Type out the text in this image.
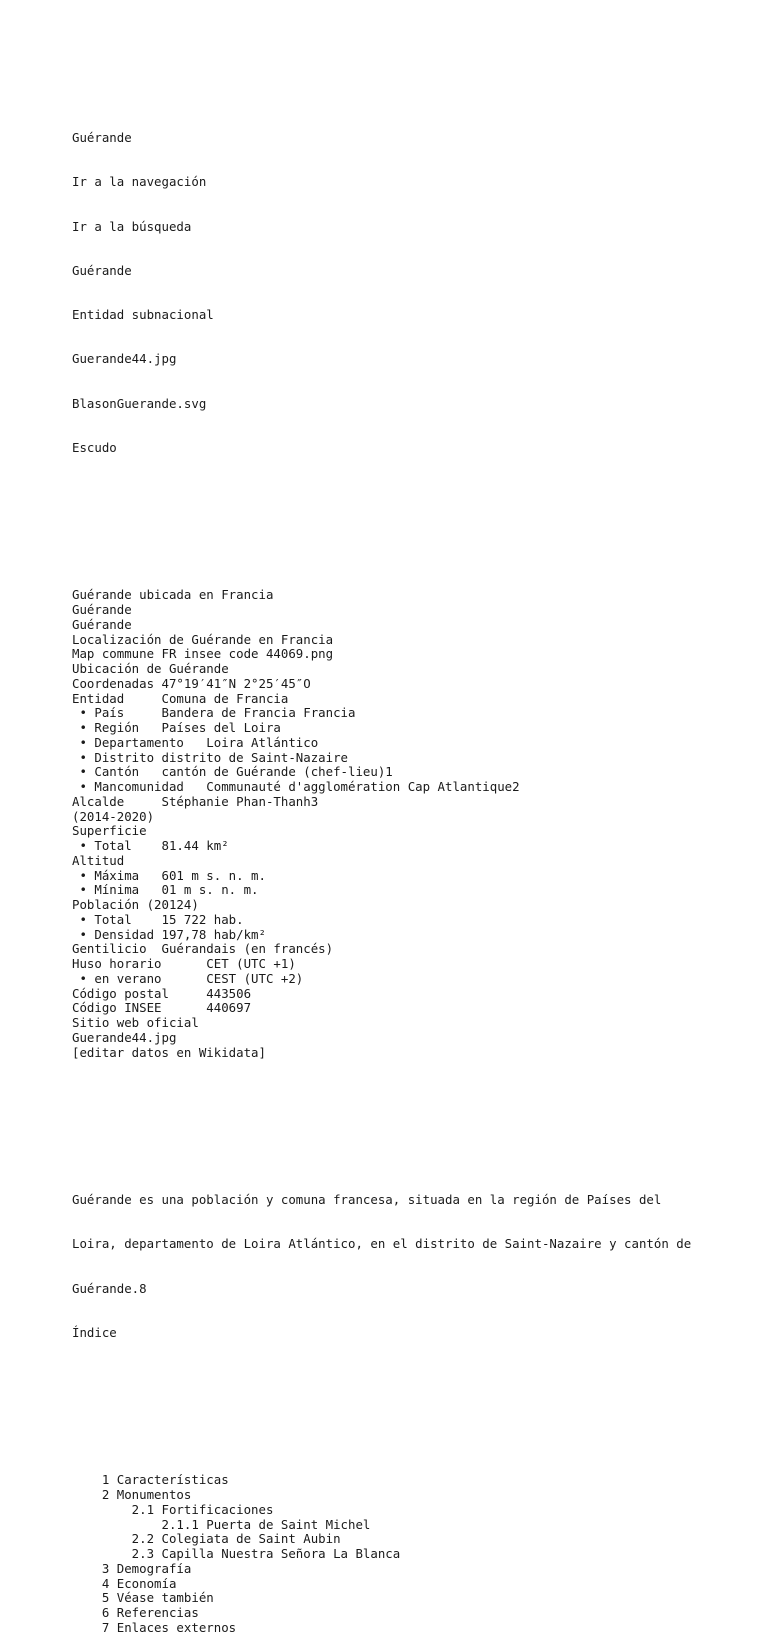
Guérande

Ir a la navegación

Ir a la búsqueda

Guérande

Entidad subnacional

Guerande44.jpg

BlasonGuerande.svg

Escudo

Guérande ubicada en Francia
Guérande
Guérande
Localización de Guérande en Francia
Map commune FR insee code 44069.png
Ubicación de Guérande
Coordenadas 47°19′41″N 2°25′45″O
Entidad     Comuna de Francia
• País     Bandera de Francia Francia
• Región   Países del Loira
• Departamento   Loira Atlántico
• Distrito distrito de Saint-Nazaire
• Cantón   cantón de Guérande (chef-lieu)1
• Mancomunidad   Communauté d'agglomération Cap Atlantique2
Alcalde     Stéphanie Phan-Thanh3
(2014-2020)
Superficie
• Total    81.44 km²
Altitud
• Máxima   601 m s. n. m.
• Mínima   01 m s. n. m.
Población (20124)
• Total    15 722 hab.
• Densidad 197,78 hab/km²
Gentilicio  Guérandais (en francés)
Huso horario      CET (UTC +1)
• en verano      CEST (UTC +2)
Código postal     443506
Código INSEE      440697
Sitio web oficial
Guerande44.jpg
[editar datos en Wikidata]

Guérande es una población y comuna francesa, situada en la región de Países del

Loira, departamento de Loira Atlántico, en el distrito de Saint-Nazaire y cantón de

Guérande.8

Índice

1 Características
2 Monumentos
2.1 Fortificaciones
2.1.1 Puerta de Saint Michel
2.2 Colegiata de Saint Aubin
2.3 Capilla Nuestra Señora La Blanca
3 Demografía
4 Economía
5 Véase también
6 Referencias
7 Enlaces externos
